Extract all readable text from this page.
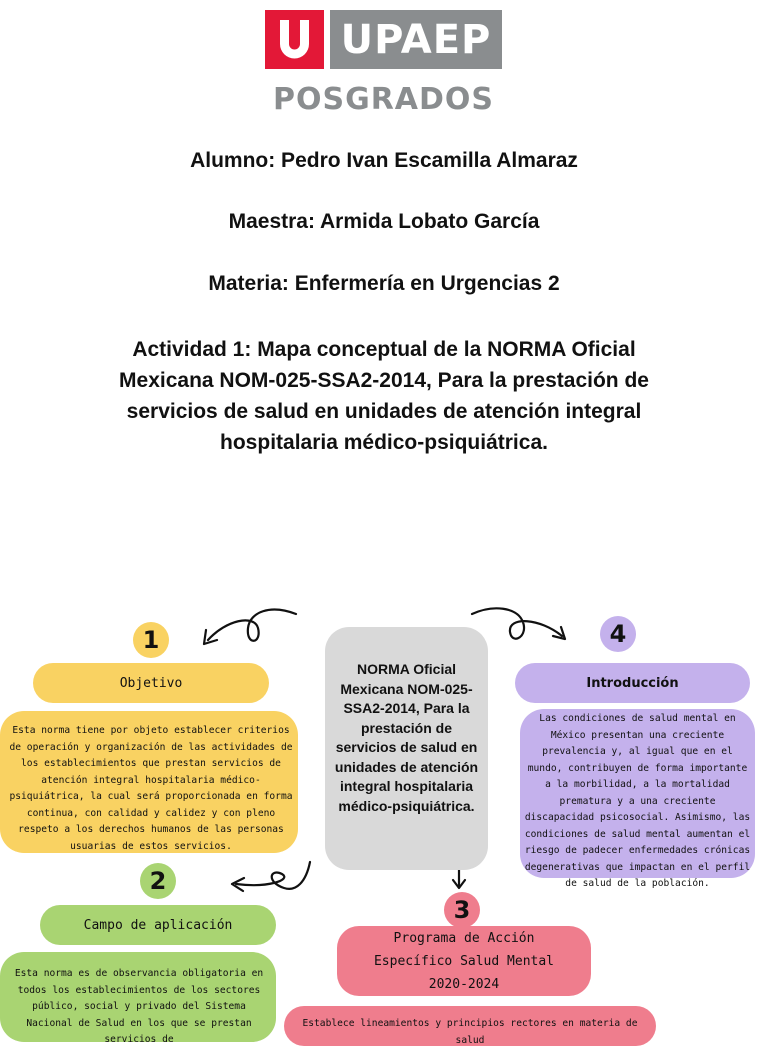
UPAEP
POSGRADOS
Alumno: Pedro Ivan Escamilla Almaraz
Maestra: Armida Lobato García
Materia: Enfermería en Urgencias 2
Actividad 1: Mapa conceptual de la NORMA Oficial Mexicana NOM-025-SSA2-2014, Para la prestación de servicios de salud en unidades de atención integral hospitalaria médico-psiquiátrica.
NORMA Oficial Mexicana NOM-025-SSA2-2014, Para la prestación de servicios de salud en unidades de atención integral hospitalaria médico-psiquiátrica.
1
Objetivo
Esta norma tiene por objeto establecer criterios de operación y organización de las actividades de los establecimientos que prestan servicios de atención integral hospitalaria médico-psiquiátrica, la cual será proporcionada en forma continua, con calidad y calidez y con pleno respeto a los derechos humanos de las personas usuarias de estos servicios.
4
Introducción
Las condiciones de salud mental en México presentan una creciente prevalencia y, al igual que en el mundo, contribuyen de forma importante a la morbilidad, a la mortalidad prematura y a una creciente discapacidad psicosocial. Asimismo, las condiciones de salud mental aumentan el riesgo de padecer enfermedades crónicas degenerativas que impactan en el perfil de salud de la población.
2
Campo de aplicación
Esta norma es de observancia obligatoria en todos los establecimientos de los sectores público, social y privado del Sistema Nacional de Salud en los que se prestan servicios de
3
Programa de Acción Específico Salud Mental 2020-2024
Establece lineamientos y principios rectores en materia de salud
